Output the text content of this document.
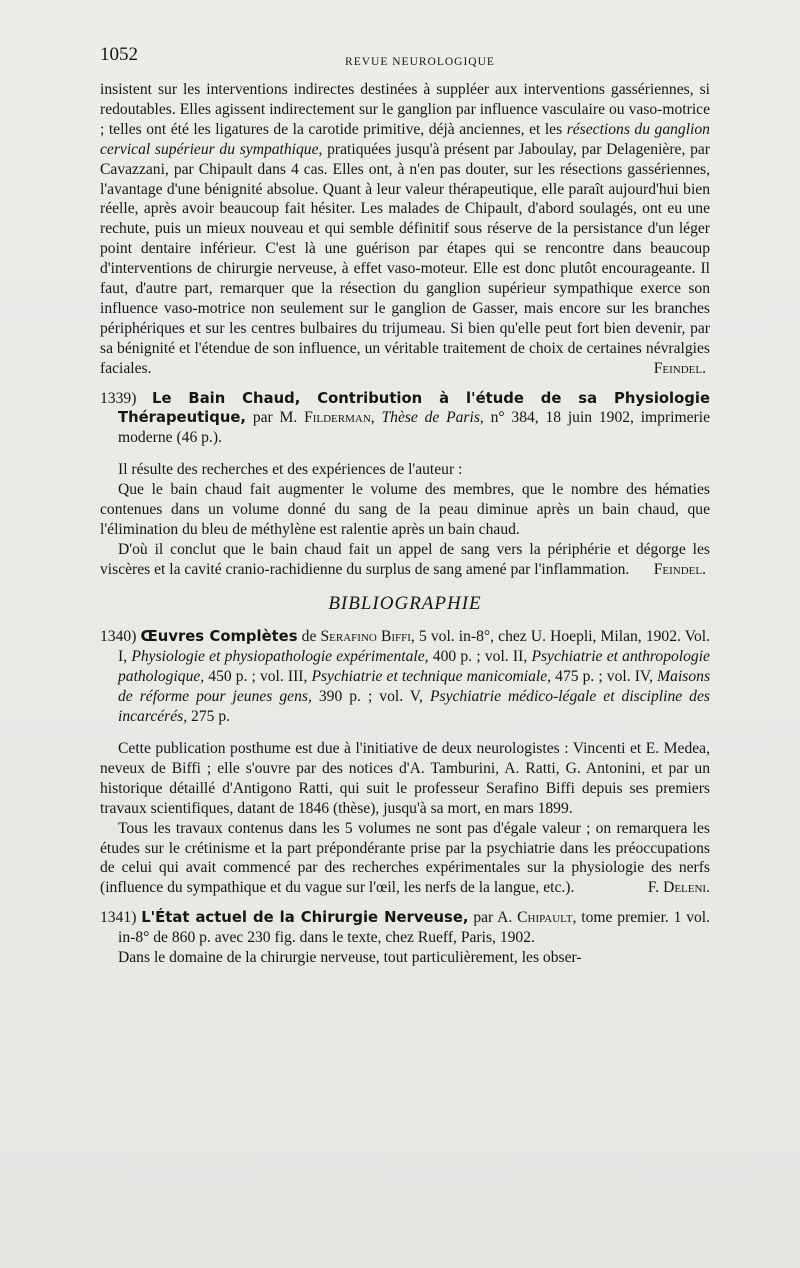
1052	REVUE NEUROLOGIQUE

insistent sur les interventions indirectes destinées à suppléer aux interventions gassériennes, si redoutables. Elles agissent indirectement sur le ganglion par influence vasculaire ou vaso-motrice ; telles ont été les ligatures de la carotide primitive, déjà anciennes, et les résections du ganglion cervical supérieur du sympathique, pratiquées jusqu'à présent par Jaboulay, par Delagenière, par Cavazzani, par Chipault dans 4 cas. Elles ont, à n'en pas douter, sur les résections gassériennes, l'avantage d'une bénignité absolue. Quant à leur valeur thérapeutique, elle paraît aujourd'hui bien réelle, après avoir beaucoup fait hésiter. Les malades de Chipault, d'abord soulagés, ont eu une rechute, puis un mieux nouveau et qui semble définitif sous réserve de la persistance d'un léger point dentaire inférieur. C'est là une guérison par étapes qui se rencontre dans beaucoup d'interventions de chirurgie nerveuse, à effet vaso-moteur. Elle est donc plutôt encourageante. Il faut, d'autre part, remarquer que la résection du ganglion supérieur sympathique exerce son influence vaso-motrice non seulement sur le ganglion de Gasser, mais encore sur les branches périphériques et sur les centres bulbaires du trijumeau. Si bien qu'elle peut fort bien devenir, par sa bénignité et l'étendue de son influence, un véritable traitement de choix de certaines névralgies faciales.	Feindel.

1339) Le Bain Chaud, Contribution à l'étude de sa Physiologie Thérapeutique, par M. Filderman, Thèse de Paris, n° 384, 18 juin 1902, imprimerie moderne (46 p.).

Il résulte des recherches et des expériences de l'auteur :

Que le bain chaud fait augmenter le volume des membres, que le nombre des hématies contenues dans un volume donné du sang de la peau diminue après un bain chaud, que l'élimination du bleu de méthylène est ralentie après un bain chaud.

D'où il conclut que le bain chaud fait un appel de sang vers la périphérie et dégorge les viscères et la cavité cranio-rachidienne du surplus de sang amené par l'inflammation.	Feindel.

BIBLIOGRAPHIE
1340) Œuvres Complètes de Serafino Biffi, 5 vol. in-8°, chez U. Hoepli, Milan, 1902. Vol. I, Physiologie et physiopathologie expérimentale, 400 p. ; vol. II, Psychiatrie et anthropologie pathologique, 450 p. ; vol. III, Psychiatrie et technique manicomiale, 475 p. ; vol. IV, Maisons de réforme pour jeunes gens, 390 p. ; vol. V, Psychiatrie médico-légale et discipline des incarcérés, 275 p.

Cette publication posthume est due à l'initiative de deux neurologistes : Vincenti et E. Medea, neveux de Biffi ; elle s'ouvre par des notices d'A. Tamburini, A. Ratti, G. Antonini, et par un historique détaillé d'Antigono Ratti, qui suit le professeur Serafino Biffi depuis ses premiers travaux scientifiques, datant de 1846 (thèse), jusqu'à sa mort, en mars 1899.

Tous les travaux contenus dans les 5 volumes ne sont pas d'égale valeur ; on remarquera les études sur le crétinisme et la part prépondérante prise par la psychiatrie dans les préoccupations de celui qui avait commencé par des recherches expérimentales sur la physiologie des nerfs (influence du sympathique et du vague sur l'œil, les nerfs de la langue, etc.).	F. Deleni.

1341) L'État actuel de la Chirurgie Nerveuse, par A. Chipault, tome premier. 1 vol. in-8° de 860 p. avec 230 fig. dans le texte, chez Rueff, Paris, 1902.

Dans le domaine de la chirurgie nerveuse, tout particulièrement, les obser-
